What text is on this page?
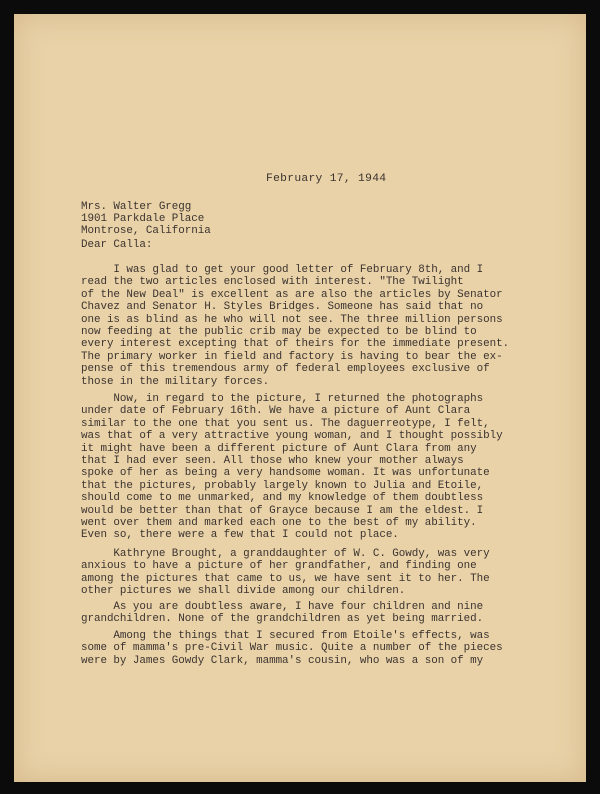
February 17, 1944
Mrs. Walter Gregg
1901 Parkdale Place
Montrose, California
Dear Calla:
I was glad to get your good letter of February 8th, and I
read the two articles enclosed with interest. "The Twilight
of the New Deal" is excellent as are also the articles by Senator
Chavez and Senator H. Styles Bridges. Someone has said that no
one is as blind as he who will not see. The three million persons
now feeding at the public crib may be expected to be blind to
every interest excepting that of theirs for the immediate present.
The primary worker in field and factory is having to bear the ex-
pense of this tremendous army of federal employees exclusive of
those in the military forces.
Now, in regard to the picture, I returned the photographs
under date of February 16th. We have a picture of Aunt Clara
similar to the one that you sent us. The daguerreotype, I felt,
was that of a very attractive young woman, and I thought possibly
it might have been a different picture of Aunt Clara from any
that I had ever seen. All those who knew your mother always
spoke of her as being a very handsome woman. It was unfortunate
that the pictures, probably largely known to Julia and Etoile,
should come to me unmarked, and my knowledge of them doubtless
would be better than that of Grayce because I am the eldest. I
went over them and marked each one to the best of my ability.
Even so, there were a few that I could not place.
Kathryne Brought, a granddaughter of W. C. Gowdy, was very
anxious to have a picture of her grandfather, and finding one
among the pictures that came to us, we have sent it to her. The
other pictures we shall divide among our children.
As you are doubtless aware, I have four children and nine
grandchildren. None of the grandchildren as yet being married.
Among the things that I secured from Etoile's effects, was
some of mamma's pre-Civil War music. Quite a number of the pieces
were by James Gowdy Clark, mamma's cousin, who was a son of my
